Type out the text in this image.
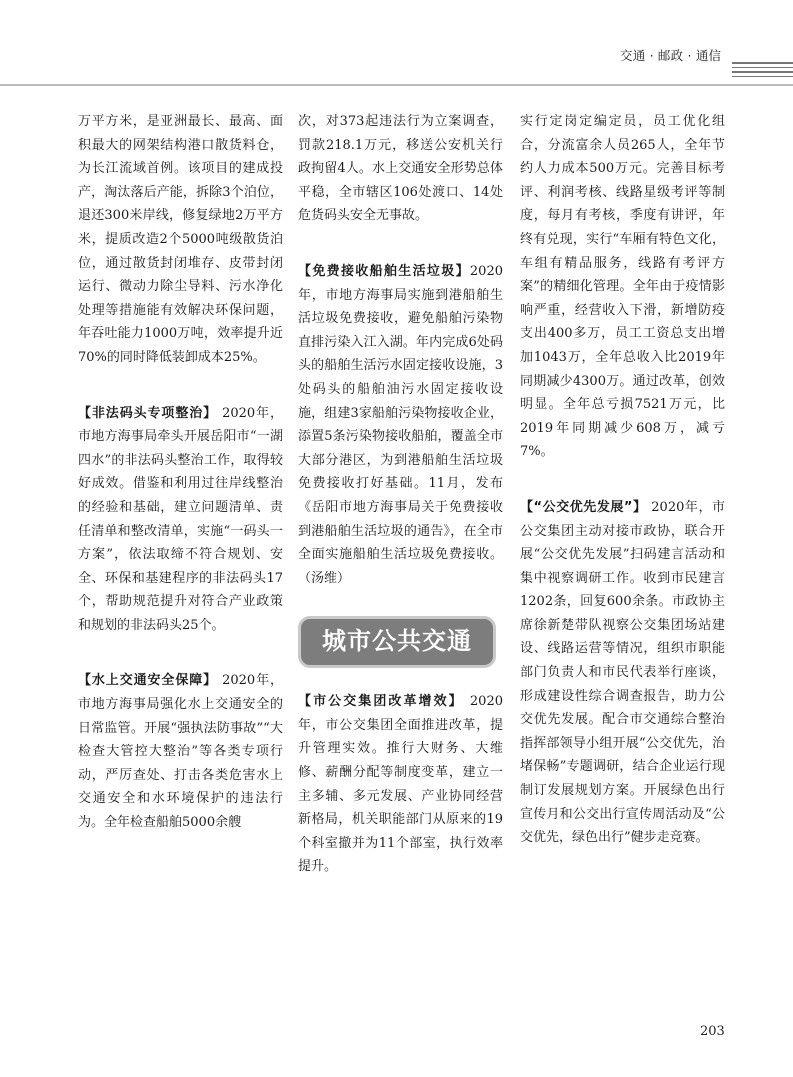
交通 · 邮政 · 通信

万平方米，是亚洲最长、最高、面积最大的网架结构港口散货料仓，为长江流域首例。该项目的建成投产，淘汰落后产能，拆除3个泊位，退还300米岸线，修复绿地2万平方米，提质改造2个5000吨级散货泊位，通过散货封闭堆存、皮带封闭运行、微动力除尘导料、污水净化处理等措施能有效解决环保问题，年吞吐能力1000万吨，效率提升近70%的同时降低装卸成本25%。

【非法码头专项整治】 2020年，市地方海事局牵头开展岳阳市“一湖四水”的非法码头整治工作，取得较好成效。借鉴和利用过往岸线整治的经验和基础，建立问题清单、责任清单和整改清单，实施“一码头一方案”，依法取缔不符合规划、安全、环保和基建程序的非法码头17个，帮助规范提升对符合产业政策和规划的非法码头25个。

【水上交通安全保障】 2020年，市地方海事局强化水上交通安全的日常监管。开展“强执法防事故”“大检查大管控大整治”等各类专项行动，严厉查处、打击各类危害水上交通安全和水环境保护的违法行为。全年检查船舶5000余艘

次，对373起违法行为立案调查，罚款218.1万元，移送公安机关行政拘留4人。水上交通安全形势总体平稳，全市辖区106处渡口、14处危货码头安全无事故。

【免费接收船舶生活垃圾】2020年，市地方海事局实施到港船舶生活垃圾免费接收，避免船舶污染物直排污染入江入湖。年内完成6处码头的船舶生活污水固定接收设施，3处码头的船舶油污水固定接收设施，组建3家船舶污染物接收企业，添置5条污染物接收船舶，覆盖全市大部分港区，为到港船舶生活垃圾免费接收打好基础。11月，发布《岳阳市地方海事局关于免费接收到港船舶生活垃圾的通告》，在全市全面实施船舶生活垃圾免费接收。（汤维）

城市公共交通

【市公交集团改革增效】 2020年，市公交集团全面推进改革，提升管理实效。推行大财务、大维修、薪酬分配等制度变革，建立一主多辅、多元发展、产业协同经营新格局，机关职能部门从原来的19个科室撤并为11个部室，执行效率提升。

实行定岗定编定员，员工优化组合，分流富余人员265人，全年节约人力成本500万元。完善目标考评、利润考核、线路星级考评等制度，每月有考核，季度有讲评，年终有兑现，实行“车厢有特色文化，车组有精品服务，线路有考评方案”的精细化管理。全年由于疫情影响严重，经营收入下滑，新增防疫支出400多万，员工工资总支出增加1043万，全年总收入比2019年同期减少4300万。通过改革，创效明显。全年总亏损7521万元，比2019年同期减少608万，减亏7%。

【“公交优先发展”】 2020年，市公交集团主动对接市政协，联合开展“公交优先发展”扫码建言活动和集中视察调研工作。收到市民建言1202条，回复600余条。市政协主席徐新楚带队视察公交集团场站建设、线路运营等情况，组织市职能部门负责人和市民代表举行座谈，形成建设性综合调查报告，助力公交优先发展。配合市交通综合整治指挥部领导小组开展“公交优先，治堵保畅”专题调研，结合企业运行现制订发展规划方案。开展绿色出行宣传月和公交出行宣传周活动及“公交优先，绿色出行”健步走竞赛。

203
